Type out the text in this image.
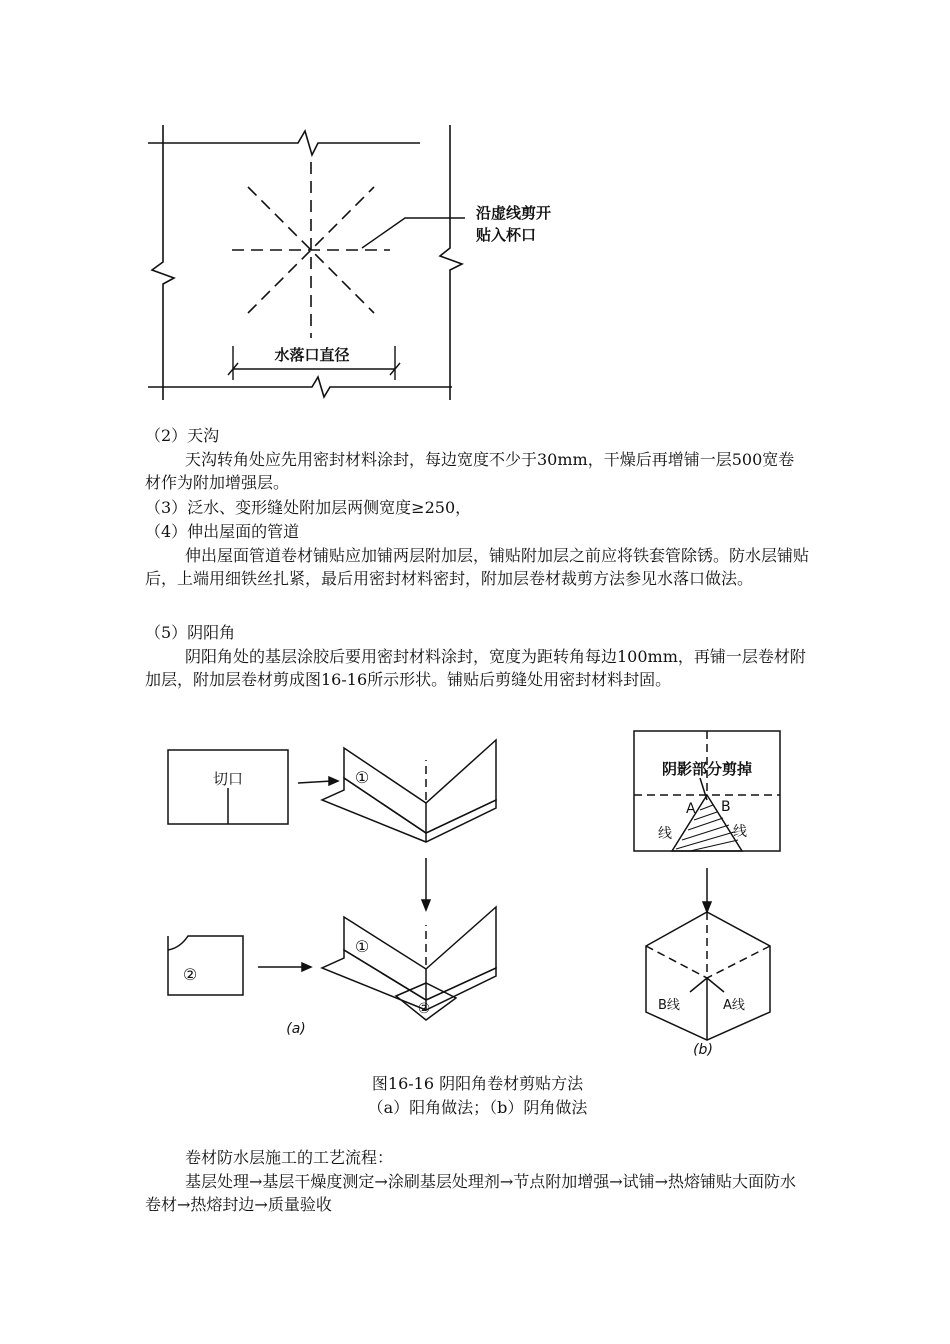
沿虚线剪开
贴入杯口
水落口直径

（2）天沟

天沟转角处应先用密封材料涂封，每边宽度不少于30mm，干燥后再增铺一层500宽卷材作为附加增强层。

（3）泛水、变形缝处附加层两侧宽度≥250，

（4）伸出屋面的管道

伸出屋面管道卷材铺贴应加铺两层附加层，铺贴附加层之前应将铁套管除锈。防水层铺贴后，上端用细铁丝扎紧，最后用密封材料密封，附加层卷材裁剪方法参见水落口做法。

（5）阴阳角

阴阳角处的基层涂胶后要用密封材料涂封，宽度为距转角每边100mm，再铺一层卷材附加层，附加层卷材剪成图16-16所示形状。铺贴后剪缝处用密封材料封固。

切口	①
②
①
②
(a)
阴影部分剪掉
A B
线	线
B线	A线
(b)
图16-16 阴阳角卷材剪贴方法
（a）阳角做法；（b）阴角做法

卷材防水层施工的工艺流程：

基层处理→基层干燥度测定→涂刷基层处理剂→节点附加增强→试铺→热熔铺贴大面防水卷材→热熔封边→质量验收
